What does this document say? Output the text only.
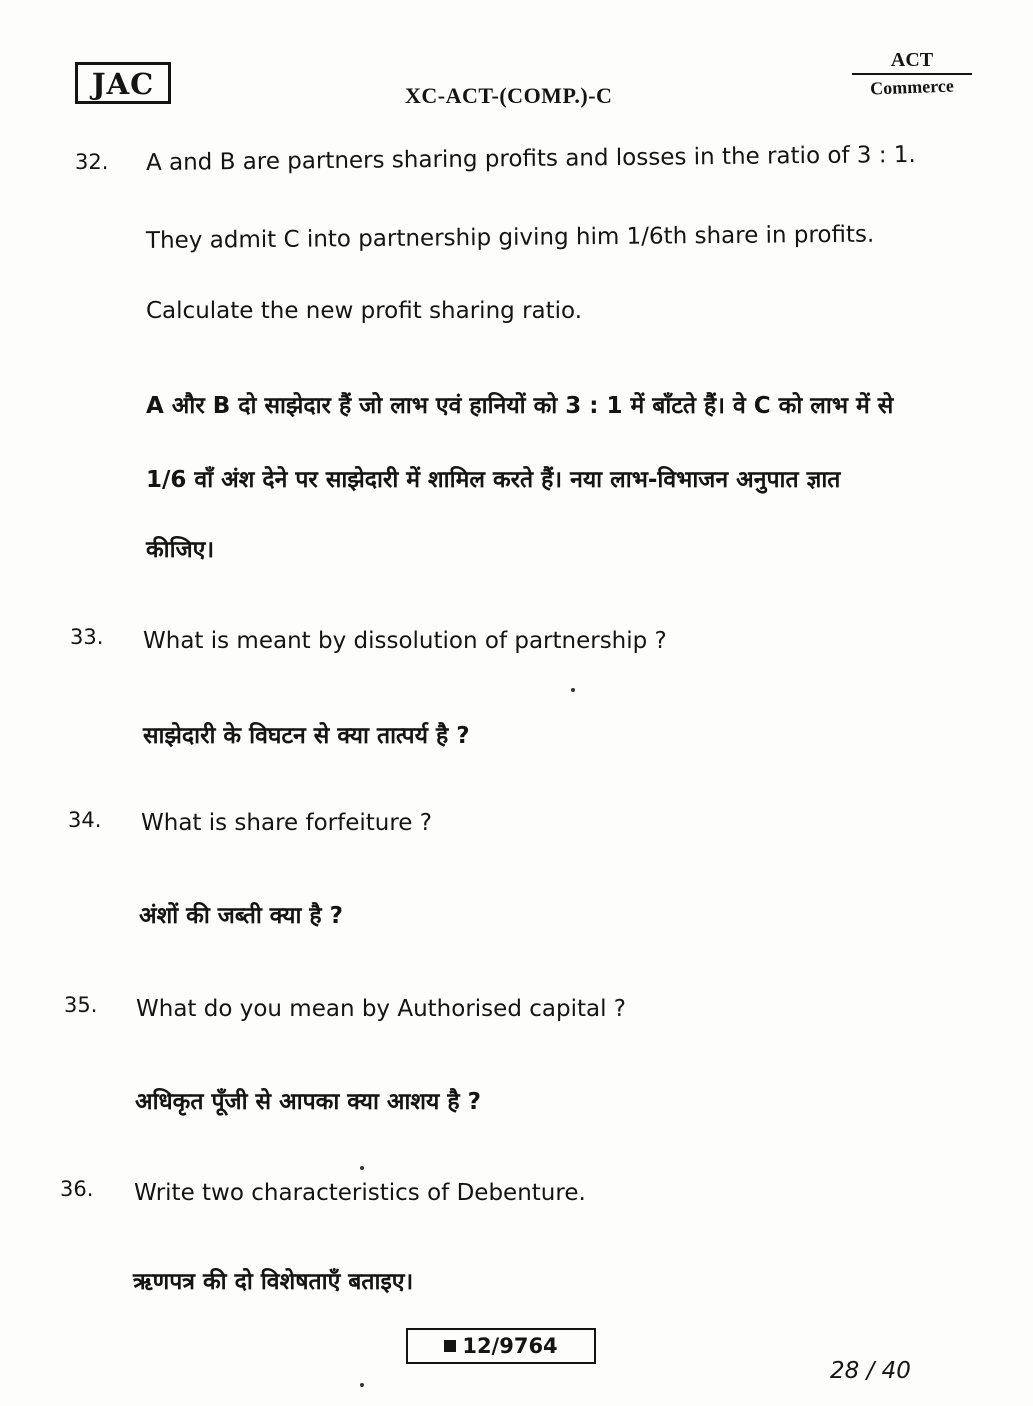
JAC	XC-ACT-(COMP.)-C
ACT
Commerce
32. A and B are partners sharing profits and losses in the ratio of 3 : 1.
They admit C into partnership giving him 1/6th share in profits.
Calculate the new profit sharing ratio.
A और B दो साझेदार हैं जो लाभ एवं हानियों को 3 : 1 में बाँटते हैं। वे C को लाभ में से
1/6 वाँ अंश देने पर साझेदारी में शामिल करते हैं। नया लाभ-विभाजन अनुपात ज्ञात
कीजिए।
33. What is meant by dissolution of partnership ?
साझेदारी के विघटन से क्या तात्पर्य है ?
34. What is share forfeiture ?
अंशों की जब्ती क्या है ?
35. What do you mean by Authorised capital ?
अधिकृत पूँजी से आपका क्या आशय है ?
36. Write two characteristics of Debenture.
ऋणपत्र की दो विशेषताएँ बताइए।
12/9764
28 / 40
